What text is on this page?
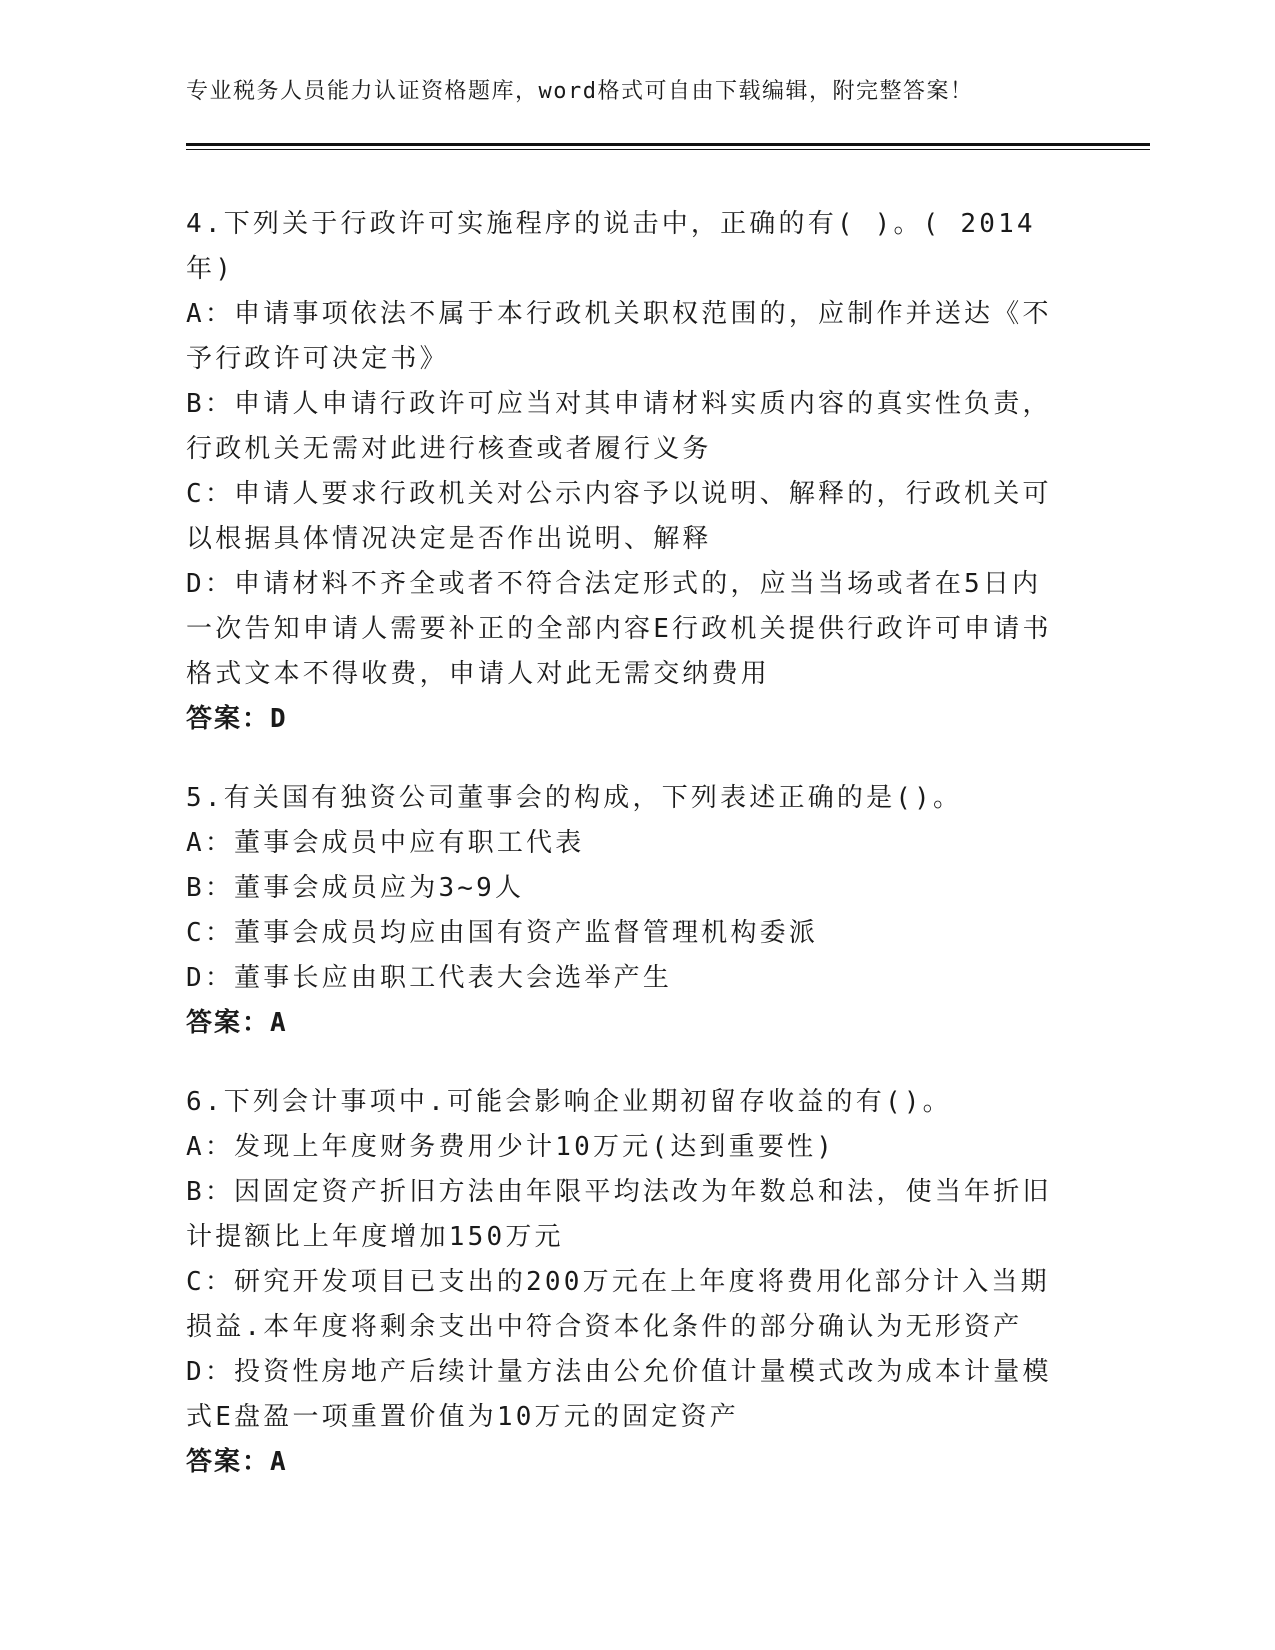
专业税务人员能力认证资格题库，word格式可自由下载编辑，附完整答案！
4.下列关于行政许可实施程序的说击中，正确的有( )。( 2014年)
A：申请事项依法不属于本行政机关职权范围的，应制作并送达《不予行政许可决定书》
B：申请人申请行政许可应当对其申请材料实质内容的真实性负责，行政机关无需对此进行核查或者履行义务
C：申请人要求行政机关对公示内容予以说明、解释的，行政机关可以根据具体情况决定是否作出说明、解释
D：申请材料不齐全或者不符合法定形式的，应当当场或者在5日内一次告知申请人需要补正的全部内容E行政机关提供行政许可申请书格式文本不得收费，申请人对此无需交纳费用
答案：D
5.有关国有独资公司董事会的构成，下列表述正确的是()。
A：董事会成员中应有职工代表
B：董事会成员应为3~9人
C：董事会成员均应由国有资产监督管理机构委派
D：董事长应由职工代表大会选举产生
答案：A
6.下列会计事项中.可能会影响企业期初留存收益的有()。
A：发现上年度财务费用少计10万元(达到重要性)
B：因固定资产折旧方法由年限平均法改为年数总和法，使当年折旧计提额比上年度增加150万元
C：研究开发项目已支出的200万元在上年度将费用化部分计入当期损益.本年度将剩余支出中符合资本化条件的部分确认为无形资产
D：投资性房地产后续计量方法由公允价值计量模式改为成本计量模式E盘盈一项重置价值为10万元的固定资产
答案：A
